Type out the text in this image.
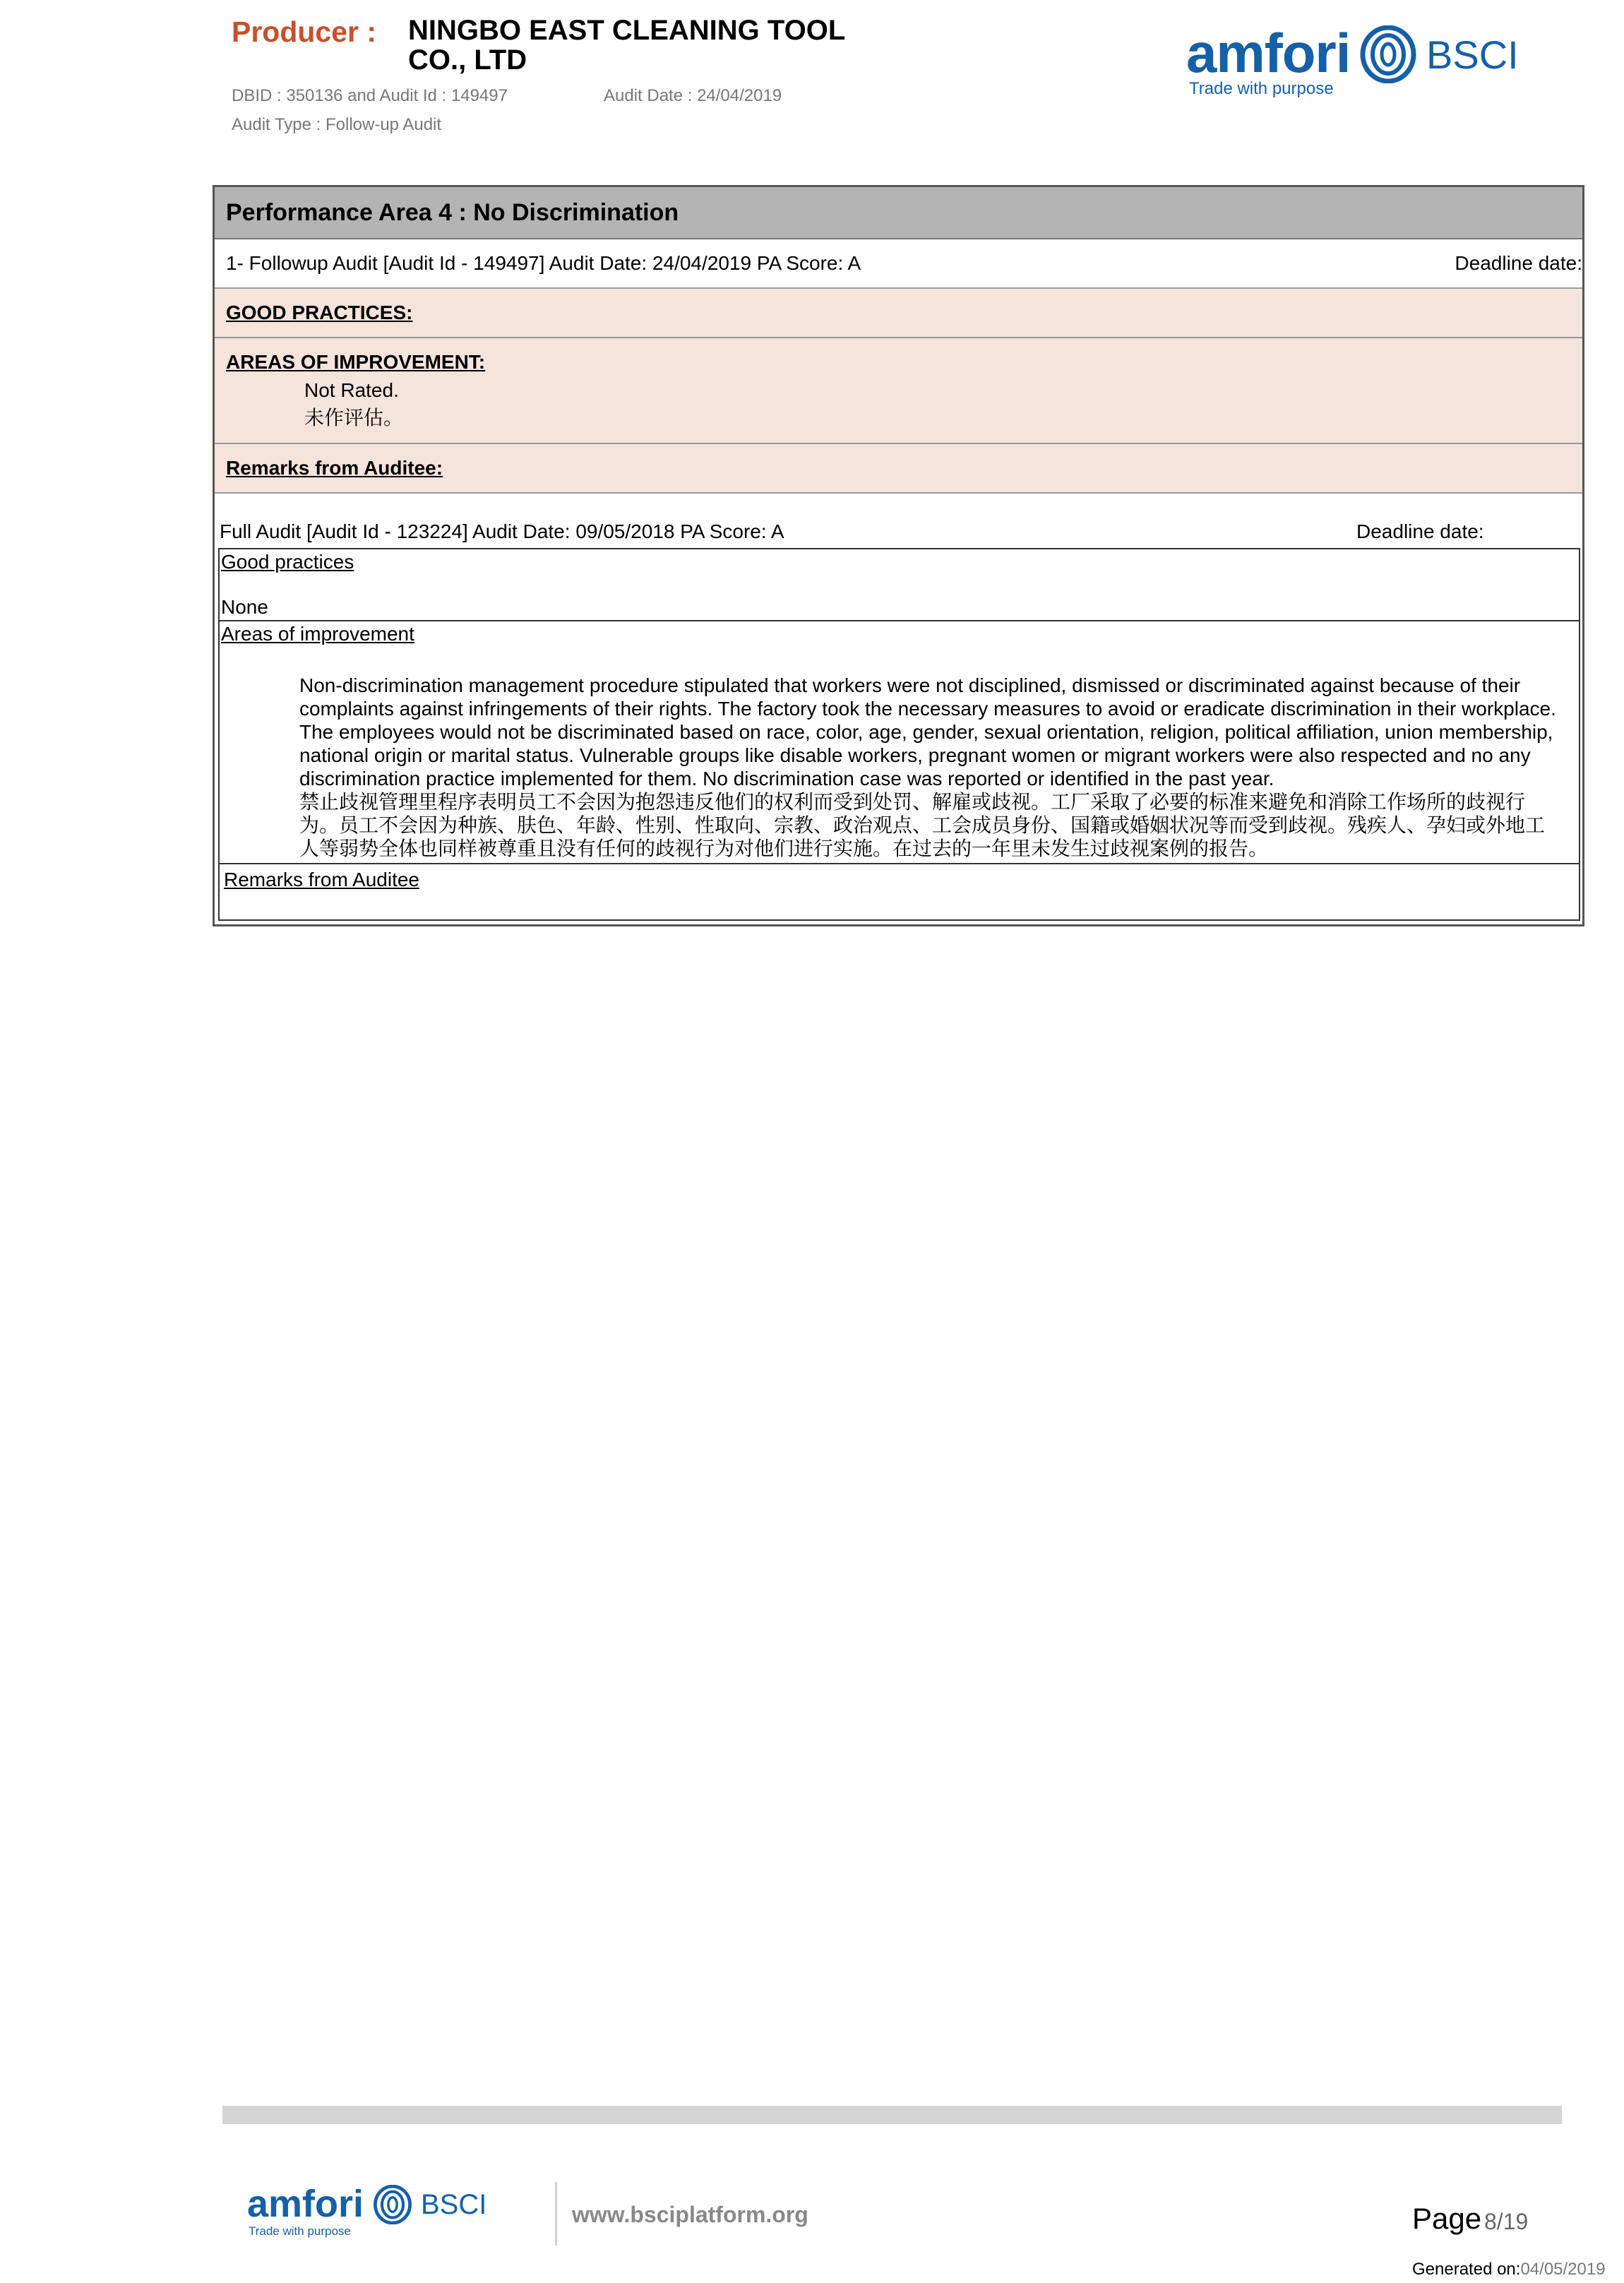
Producer : NINGBO EAST CLEANING TOOL
CO., LTD
DBID : 350136 and Audit Id : 149497	Audit Date : 24/04/2019
Audit Type : Follow-up Audit
amfori BSCI
Trade with purpose
Performance Area 4 : No Discrimination
1- Followup Audit [Audit Id - 149497] Audit Date: 24/04/2019 PA Score: A	Deadline date:
GOOD PRACTICES:
AREAS OF IMPROVEMENT:
Not Rated.
未作评估。
Remarks from Auditee:
Full Audit [Audit Id - 123224] Audit Date: 09/05/2018 PA Score: A	Deadline date:
Good practices
None
Areas of improvement
Non-discrimination management procedure stipulated that workers were not disciplined, dismissed or discriminated against because of their complaints against infringements of their rights. The factory took the necessary measures to avoid or eradicate discrimination in their workplace. The employees would not be discriminated based on race, color, age, gender, sexual orientation, religion, political affiliation, union membership, national origin or marital status. Vulnerable groups like disable workers, pregnant women or migrant workers were also respected and no any discrimination practice implemented for them. No discrimination case was reported or identified in the past year.
禁止歧视管理里程序表明员工不会因为抱怨违反他们的权利而受到处罚、解雇或歧视。工厂采取了必要的标准来避免和消除工作场所的歧视行为。员工不会因为种族、肤色、年龄、性别、性取向、宗教、政治观点、工会成员身份、国籍或婚姻状况等而受到歧视。残疾人、孕妇或外地工人等弱势全体也同样被尊重且没有任何的歧视行为对他们进行实施。在过去的一年里未发生过歧视案例的报告。
Remarks from Auditee
amfori BSCI
Trade with purpose
www.bsciplatform.org	Page 8/19
Generated on:04/05/2019
